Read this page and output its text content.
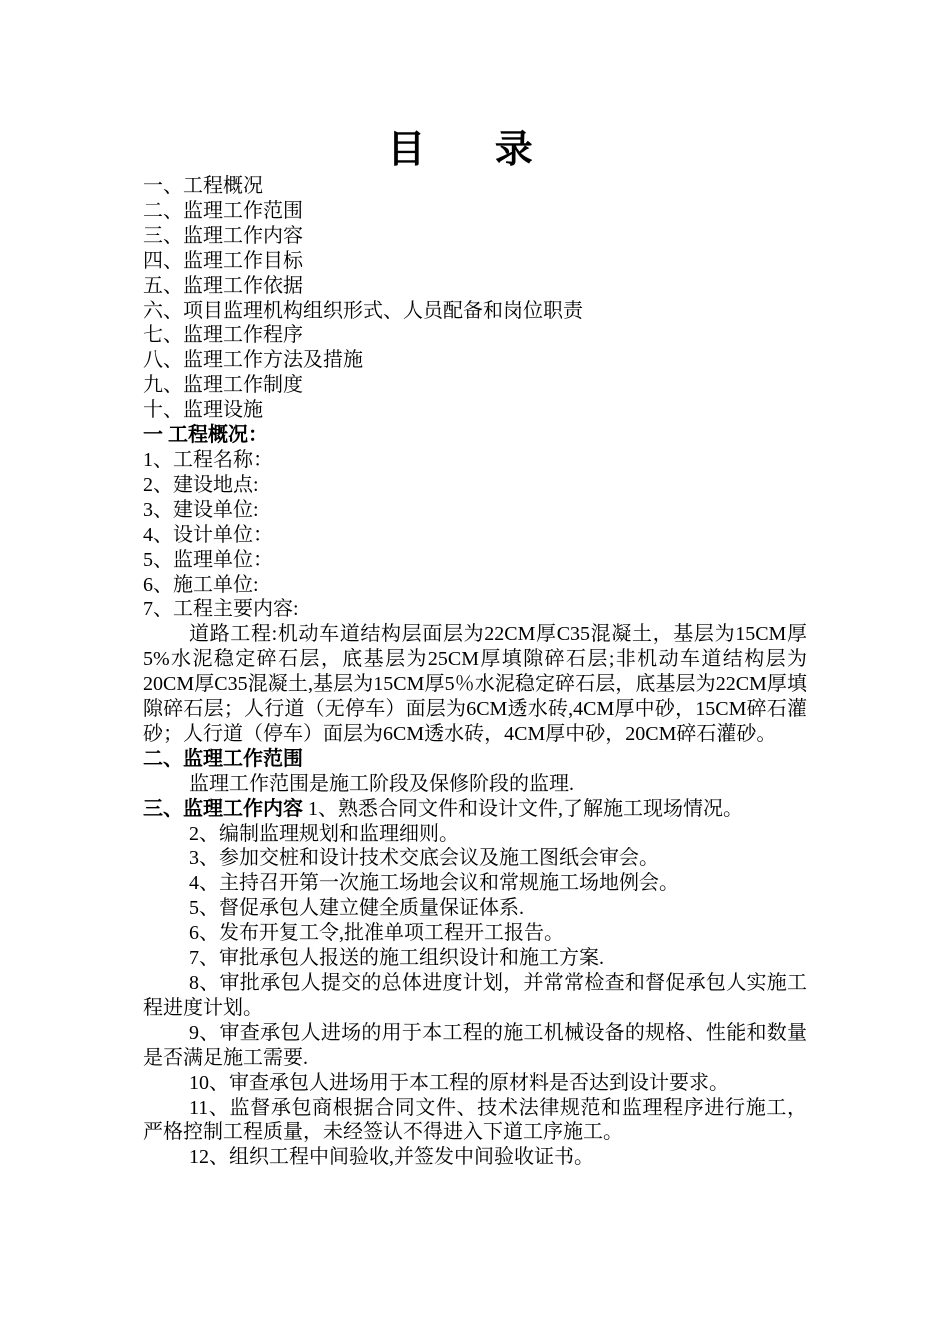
目 录
一、工程概况
二、监理工作范围
三、监理工作内容
四、监理工作目标
五、监理工作依据
六、项目监理机构组织形式、人员配备和岗位职责
七、监理工作程序
八、监理工作方法及措施
九、监理工作制度
十、监理设施
一 工程概况：
1、工程名称：
2、建设地点:
3、建设单位:
4、设计单位：
5、监理单位：
6、施工单位:
7、工程主要内容:
道路工程:机动车道结构层面层为22CM厚C35混凝土，基层为15CM厚5%水泥稳定碎石层，底基层为25CM厚填隙碎石层;非机动车道结构层为20CM厚C35混凝土,基层为15CM厚5％水泥稳定碎石层，底基层为22CM厚填隙碎石层；人行道（无停车）面层为6CM透水砖,4CM厚中砂，15CM碎石灌砂；人行道（停车）面层为6CM透水砖，4CM厚中砂，20CM碎石灌砂。
二、监理工作范围
监理工作范围是施工阶段及保修阶段的监理.
三、监理工作内容 1、熟悉合同文件和设计文件,了解施工现场情况。
2、编制监理规划和监理细则。
3、参加交桩和设计技术交底会议及施工图纸会审会。
4、主持召开第一次施工场地会议和常规施工场地例会。
5、督促承包人建立健全质量保证体系.
6、发布开复工令,批准单项工程开工报告。
7、审批承包人报送的施工组织设计和施工方案.
8、审批承包人提交的总体进度计划，并常常检查和督促承包人实施工程进度计划。
9、审查承包人进场的用于本工程的施工机械设备的规格、性能和数量是否满足施工需要.
10、审查承包人进场用于本工程的原材料是否达到设计要求。
11、监督承包商根据合同文件、技术法律规范和监理程序进行施工，严格控制工程质量，未经签认不得进入下道工序施工。
12、组织工程中间验收,并签发中间验收证书。
